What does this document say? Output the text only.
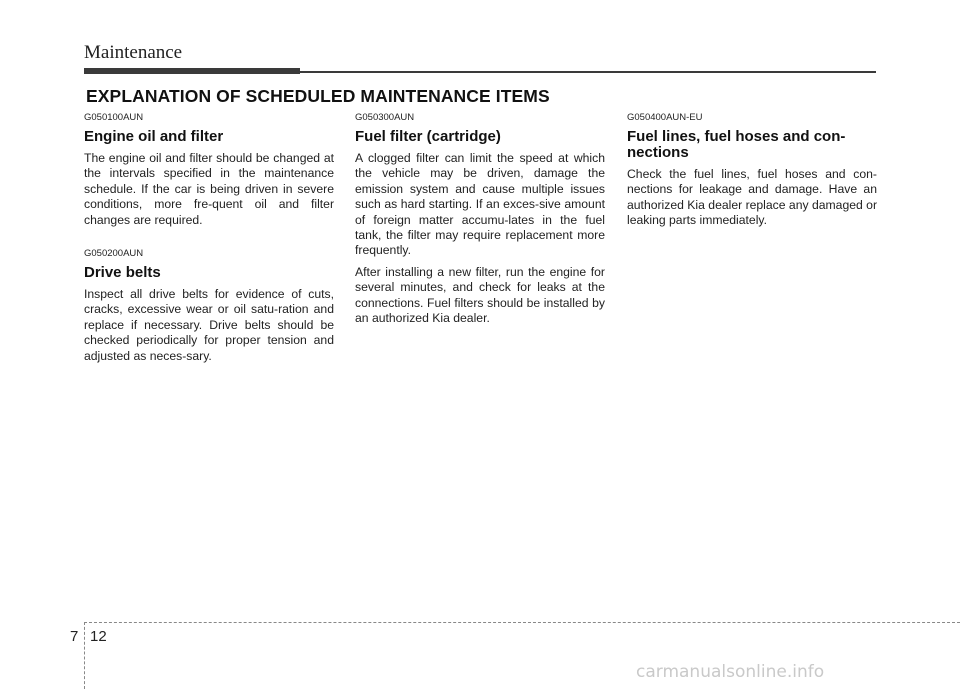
Maintenance
EXPLANATION OF SCHEDULED MAINTENANCE ITEMS

G050100AUN

Engine oil and filter

The engine oil and filter should be changed at the intervals specified in the maintenance schedule. If the car is being driven in severe conditions, more fre-quent oil and filter changes are required.

G050200AUN

Drive belts

Inspect all drive belts for evidence of cuts, cracks, excessive wear or oil satu-ration and replace if necessary. Drive belts should be checked periodically for proper tension and adjusted as neces-sary.

G050300AUN

Fuel filter (cartridge)

A clogged filter can limit the speed at which the vehicle may be driven, damage the emission system and cause multiple issues such as hard starting. If an exces-sive amount of foreign matter accumu-lates in the fuel tank, the filter may require replacement more frequently.

After installing a new filter, run the engine for several minutes, and check for leaks at the connections. Fuel filters should be installed by an authorized Kia dealer.

G050400AUN-EU

Fuel lines, fuel hoses and con-nections

Check the fuel lines, fuel hoses and con-nections for leakage and damage. Have an authorized Kia dealer replace any damaged or leaking parts immediately.

7 12
carmanualsonline.info
